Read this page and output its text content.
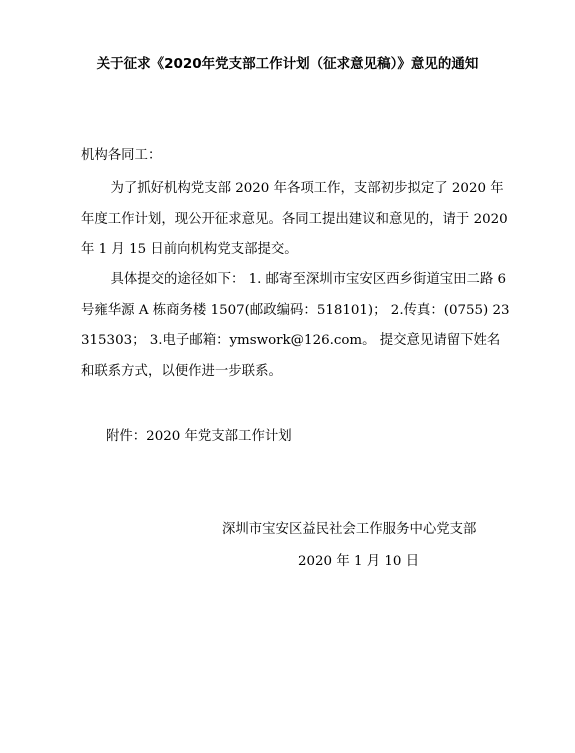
关于征求《2020年党支部工作计划（征求意见稿）》意见的通知
机构各同工：
为了抓好机构党支部 2020 年各项工作，支部初步拟定了 2020 年年度工作计划，现公开征求意见。各同工提出建议和意见的，请于 2020 年 1 月 15 日前向机构党支部提交。
具体提交的途径如下： 1. 邮寄至深圳市宝安区西乡街道宝田二路 6 号雍华源 A 栋商务楼 1507(邮政编码：518101)； 2.传真：(0755) 23315303； 3.电子邮箱：ymswork@126.com。 提交意见请留下姓名和联系方式，以便作进一步联系。
附件：2020 年党支部工作计划
深圳市宝安区益民社会工作服务中心党支部
2020 年 1 月 10 日
